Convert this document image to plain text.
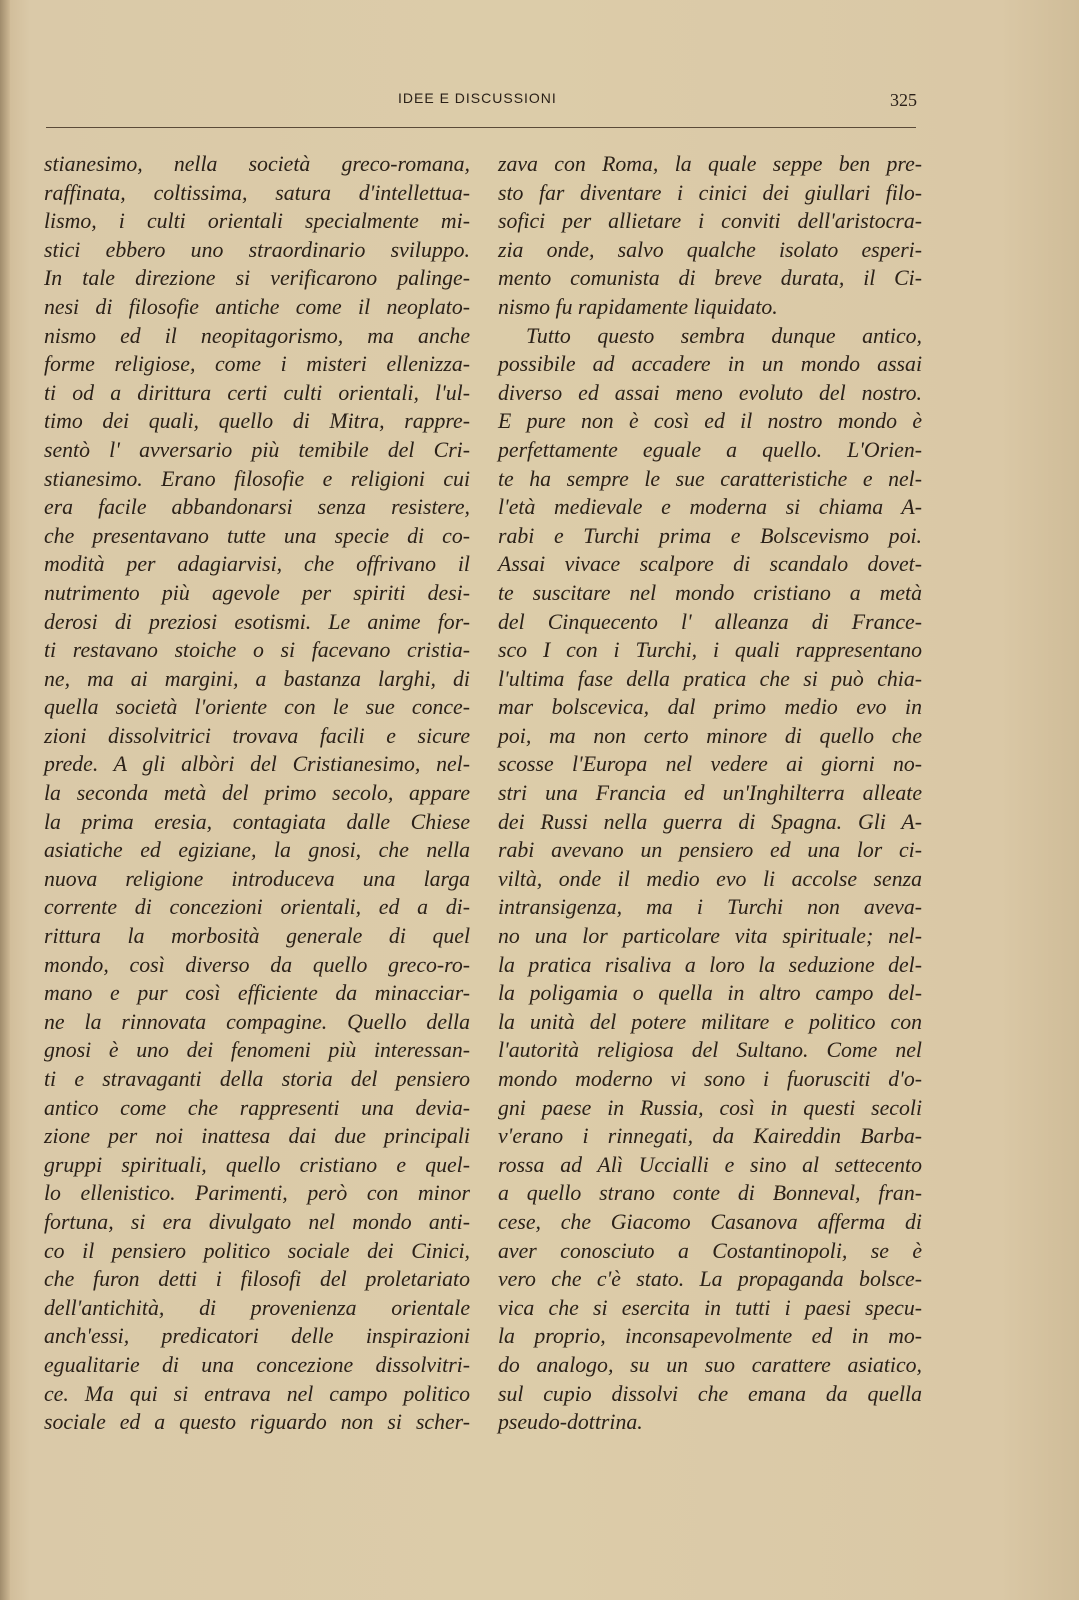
IDEE E DISCUSSIONI	325
stianesimo, nella società greco-romana,
raffinata, coltissima, satura d'intellettua-
lismo, i culti orientali specialmente mi-
stici ebbero uno straordinario sviluppo.
In tale direzione si verificarono palinge-
nesi di filosofie antiche come il neoplato-
nismo ed il neopitagorismo, ma anche
forme religiose, come i misteri ellenizza-
ti od a dirittura certi culti orientali, l'ul-
timo dei quali, quello di Mitra, rappre-
sentò l' avversario più temibile del Cri-
stianesimo. Erano filosofie e religioni cui
era facile abbandonarsi senza resistere,
che presentavano tutte una specie di co-
modità per adagiarvisi, che offrivano il
nutrimento più agevole per spiriti desi-
derosi di preziosi esotismi. Le anime for-
ti restavano stoiche o si facevano cristia-
ne, ma ai margini, a bastanza larghi, di
quella società l'oriente con le sue conce-
zioni dissolvitrici trovava facili e sicure
prede. A gli albòri del Cristianesimo, nel-
la seconda metà del primo secolo, appare
la prima eresia, contagiata dalle Chiese
asiatiche ed egiziane, la gnosi, che nella
nuova religione introduceva una larga
corrente di concezioni orientali, ed a di-
rittura la morbosità generale di quel
mondo, così diverso da quello greco-ro-
mano e pur così efficiente da minacciar-
ne la rinnovata compagine. Quello della
gnosi è uno dei fenomeni più interessan-
ti e stravaganti della storia del pensiero
antico come che rappresenti una devia-
zione per noi inattesa dai due principali
gruppi spirituali, quello cristiano e quel-
lo ellenistico. Parimenti, però con minor
fortuna, si era divulgato nel mondo anti-
co il pensiero politico sociale dei Cinici,
che furon detti i filosofi del proletariato
dell'antichità, di provenienza orientale
anch'essi, predicatori delle inspirazioni
egualitarie di una concezione dissolvitri-
ce. Ma qui si entrava nel campo politico
sociale ed a questo riguardo non si scher-
zava con Roma, la quale seppe ben pre-
sto far diventare i cinici dei giullari filo-
sofici per allietare i conviti dell'aristocra-
zia onde, salvo qualche isolato esperi-
mento comunista di breve durata, il Ci-
nismo fu rapidamente liquidato.
Tutto questo sembra dunque antico,
possibile ad accadere in un mondo assai
diverso ed assai meno evoluto del nostro.
E pure non è così ed il nostro mondo è
perfettamente eguale a quello. L'Orien-
te ha sempre le sue caratteristiche e nel-
l'età medievale e moderna si chiama A-
rabi e Turchi prima e Bolscevismo poi.
Assai vivace scalpore di scandalo dovet-
te suscitare nel mondo cristiano a metà
del Cinquecento l' alleanza di France-
sco I con i Turchi, i quali rappresentano
l'ultima fase della pratica che si può chia-
mar bolscevica, dal primo medio evo in
poi, ma non certo minore di quello che
scosse l'Europa nel vedere ai giorni no-
stri una Francia ed un'Inghilterra alleate
dei Russi nella guerra di Spagna. Gli A-
rabi avevano un pensiero ed una lor ci-
viltà, onde il medio evo li accolse senza
intransigenza, ma i Turchi non aveva-
no una lor particolare vita spirituale; nel-
la pratica risaliva a loro la seduzione del-
la poligamia o quella in altro campo del-
la unità del potere militare e politico con
l'autorità religiosa del Sultano. Come nel
mondo moderno vi sono i fuorusciti d'o-
gni paese in Russia, così in questi secoli
v'erano i rinnegati, da Kaireddin Barba-
rossa ad Alì Uccialli e sino al settecento
a quello strano conte di Bonneval, fran-
cese, che Giacomo Casanova afferma di
aver conosciuto a Costantinopoli, se è
vero che c'è stato. La propaganda bolsce-
vica che si esercita in tutti i paesi specu-
la proprio, inconsapevolmente ed in mo-
do analogo, su un suo carattere asiatico,
sul cupio dissolvi che emana da quella
pseudo-dottrina.
